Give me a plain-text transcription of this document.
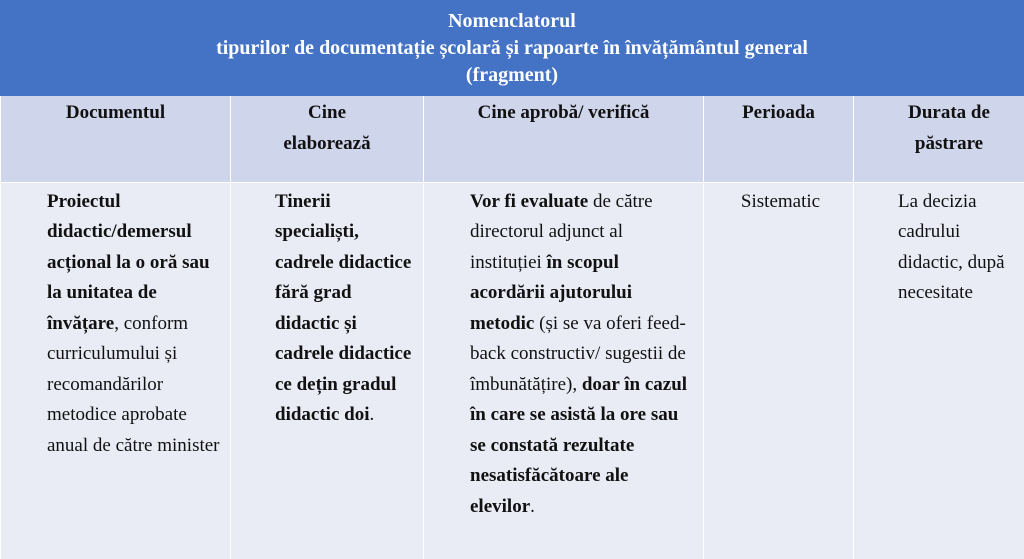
Nomenclatorul
tipurilor de documentație școlară și rapoarte în învățământul general
(fragment)
Documentul	Cine elaborează	Cine aprobă/ verifică	Perioada	Durata de păstrare
Proiectul didactic/demersul acțional la o oră sau la unitatea de învățare, conform curriculumului și recomandărilor metodice aprobate anual de către minister	Tinerii specialiști, cadrele didactice fără grad didactic și cadrele didactice ce dețin gradul didactic doi.	Vor fi evaluate de către directorul adjunct al instituției în scopul acordării ajutorului metodic (și se va oferi feed-back constructiv/ sugestii de îmbunătățire), doar în cazul în care se asistă la ore sau se constată rezultate nesatisfăcătoare ale elevilor.	Sistematic	La decizia cadrului didactic, după necesitate
